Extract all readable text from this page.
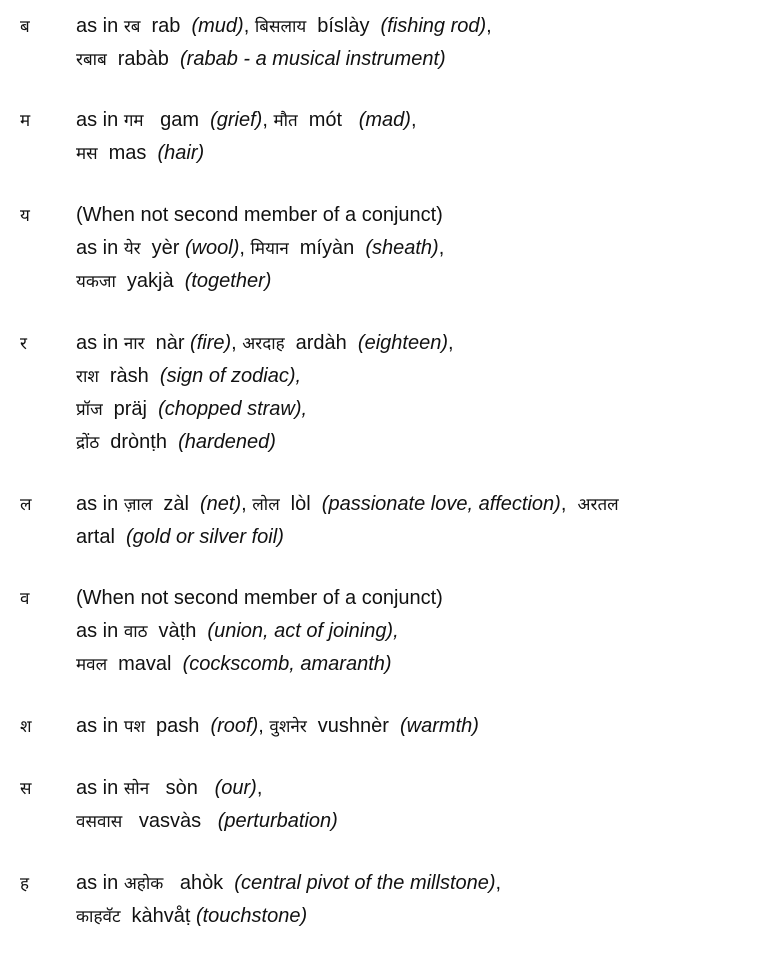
ब as in रब  rab  (mud), बिसलाय  bíslày  (fishing rod),
रबाब  rabàb  (rabab - a musical instrument)
म as in गम   gam  (grief), मौत  mót   (mad),
मस  mas  (hair)
य (When not second member of a conjunct)
as in येर  yèr (wool), मियान  míyàn  (sheath),
यकजा  yakjà  (together)
र as in नार  nàr (fire), अरदाह  ardàh  (eighteen),
राश  ràsh  (sign of zodiac),
प्रॉज  präj  (chopped straw),
द्रोंठ  drònṭh  (hardened)
ल as in ज़ाल  zàl  (net), लोल  lòl  (passionate love, affection),  अरतल
artal  (gold or silver foil)
व (When not second member of a conjunct)
as in वाठ  vàṭh  (union, act of joining),
मवल  maval  (cockscomb, amaranth)
श as in पश  pash  (roof), वुशनेर  vushnèr  (warmth)
स as in सोन   sòn   (our),
वसवास   vasvàs   (perturbation)
ह as in अहोक   ahòk  (central pivot of the millstone),
काहवॅट  kàhvåṭ (touchstone)
